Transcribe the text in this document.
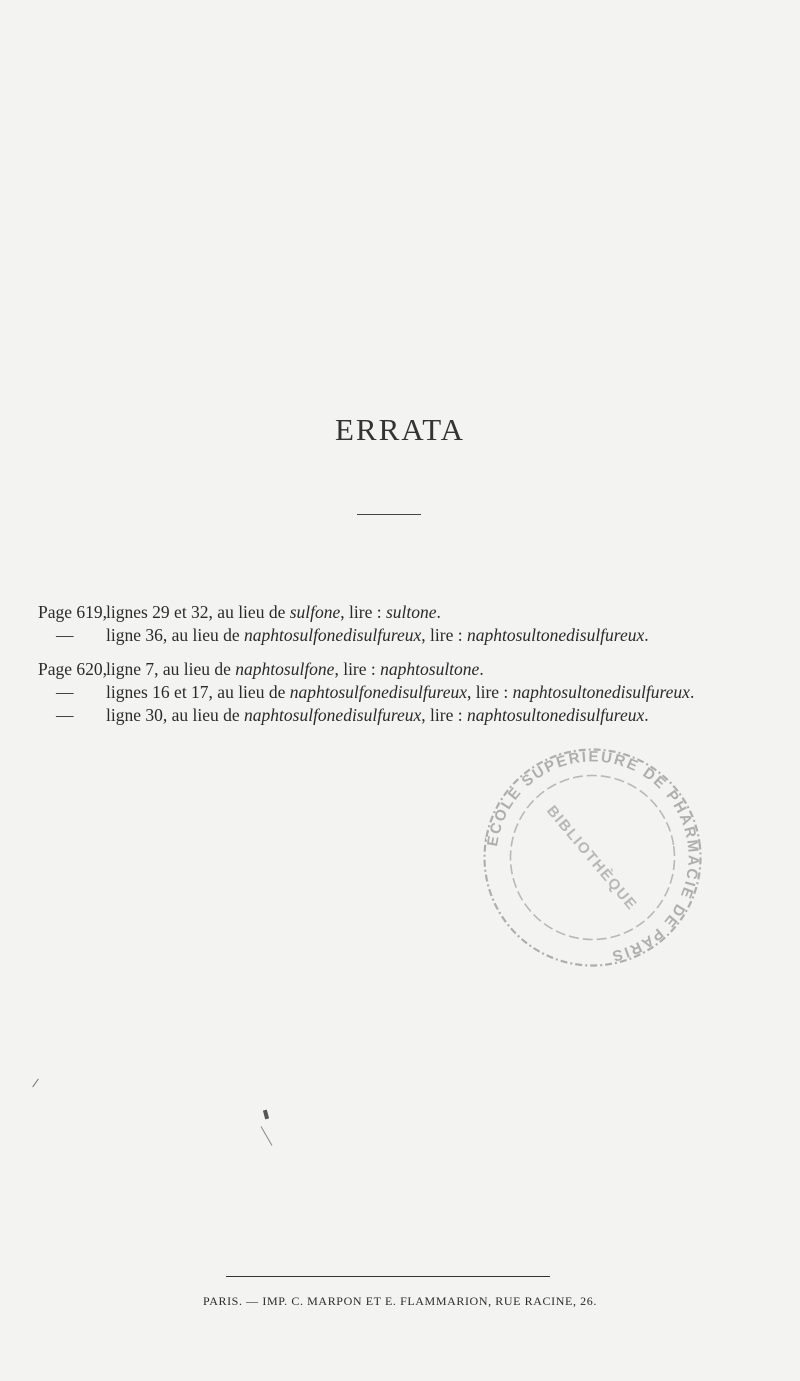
ERRATA
Page 619,
lignes 29 et 32, au lieu de sulfone, lire : sultone.
—	ligne 36, au lieu de naphtosulfonedisulfureux, lire : naphtosultonedisulfureux.
Page 620,
ligne 7, au lieu de naphtosulfone, lire : naphtosultone.
—	lignes 16 et 17, au lieu de naphtosulfonedisulfureux, lire : naphtosultonedisulfureux.
—	ligne 30, au lieu de naphtosulfonedisulfureux, lire : naphtosultonedisulfureux.
ÉCOLE SUPÉRIEURE DE PHARMACIE DE PARIS
BIBLIOTHÈQUE
PARIS. — IMP. C. MARPON ET E. FLAMMARION, RUE RACINE, 26.
